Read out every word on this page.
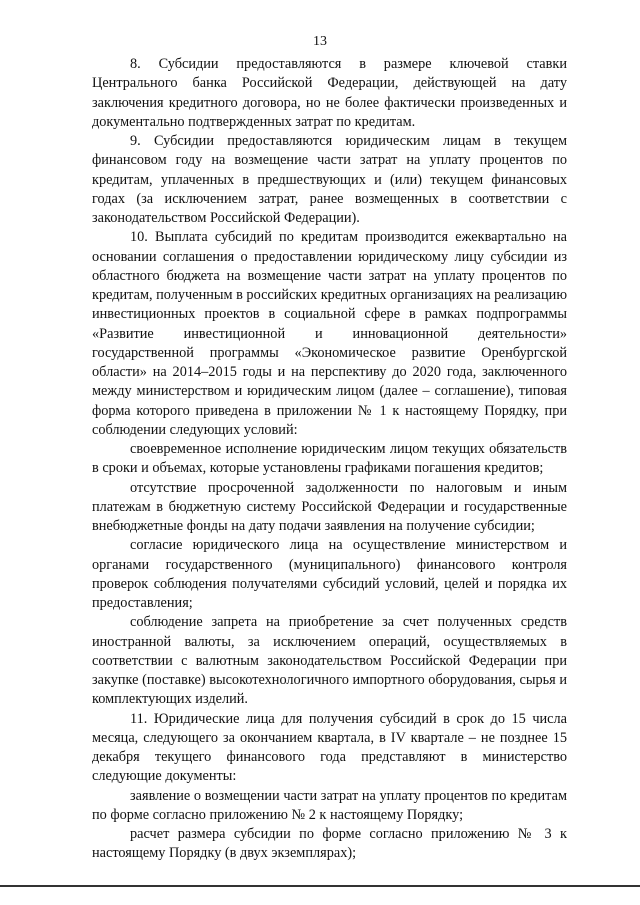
13

8. Субсидии предоставляются в размере ключевой ставки Центрального банка Российской Федерации, действующей на дату заключения кредитного договора, но не более фактически произведенных и документально подтвержденных затрат по кредитам.

9. Субсидии предоставляются юридическим лицам в текущем финансовом году на возмещение части затрат на уплату процентов по кредитам, уплаченных в предшествующих и (или) текущем финансовых годах (за исключением затрат, ранее возмещенных в соответствии с законодательством Российской Федерации).

10. Выплата субсидий по кредитам производится ежеквартально на основании соглашения о предоставлении юридическому лицу субсидии из областного бюджета на возмещение части затрат на уплату процентов по кредитам, полученным в российских кредитных организациях на реализацию инвестиционных проектов в социальной сфере в рамках подпрограммы «Развитие инвестиционной и инновационной деятельности» государственной программы «Экономическое развитие Оренбургской области» на 2014–2015 годы и на перспективу до 2020 года, заключенного между министерством и юридическим лицом (далее – соглашение), типовая форма которого приведена в приложении № 1 к настоящему Порядку, при соблюдении следующих условий:

своевременное исполнение юридическим лицом текущих обязательств в сроки и объемах, которые установлены графиками погашения кредитов;

отсутствие просроченной задолженности по налоговым и иным платежам в бюджетную систему Российской Федерации и государственные внебюджетные фонды на дату подачи заявления на получение субсидии;

согласие юридического лица на осуществление министерством и органами государственного (муниципального) финансового контроля проверок соблюдения получателями субсидий условий, целей и порядка их предоставления;

соблюдение запрета на приобретение за счет полученных средств иностранной валюты, за исключением операций, осуществляемых в соответствии с валютным законодательством Российской Федерации при закупке (поставке) высокотехнологичного импортного оборудования, сырья и комплектующих изделий.

11. Юридические лица для получения субсидий в срок до 15 числа месяца, следующего за окончанием квартала, в IV квартале – не позднее 15 декабря текущего финансового года представляют в министерство следующие документы:

заявление о возмещении части затрат на уплату процентов по кредитам по форме согласно приложению № 2 к настоящему Порядку;

расчет размера субсидии по форме согласно приложению № 3 к настоящему Порядку (в двух экземплярах);
